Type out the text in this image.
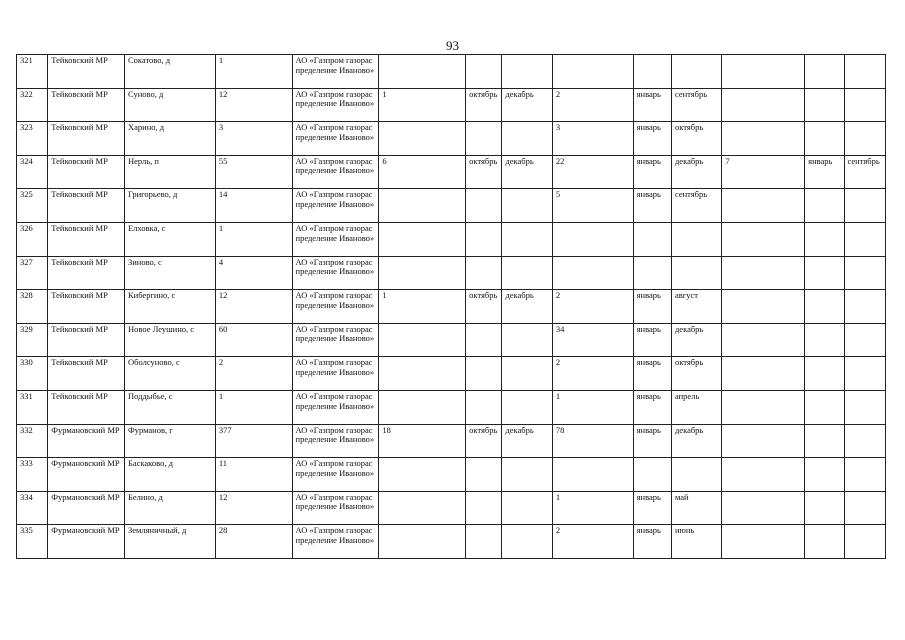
93
321	Тейковский МР	Сокатово, д	1	АО «Газпром газораспределение Иваново»									
322	Тейковский МР	Суново, д	12	АО «Газпром газораспределение Иваново»	1	октябрь	декабрь	2	январь	сентябрь			
323	Тейковский МР	Харино, д	3	АО «Газпром газораспределение Иваново»				3	январь	октябрь			
324	Тейковский МР	Нерль, п	55	АО «Газпром газораспределение Иваново»	6	октябрь	декабрь	22	январь	декабрь	7	январь	сентябрь
325	Тейковский МР	Григорьево, д	14	АО «Газпром газораспределение Иваново»				5	январь	сентябрь			
326	Тейковский МР	Елховка, с	1	АО «Газпром газораспределение Иваново»									
327	Тейковский МР	Зиново, с	4	АО «Газпром газораспределение Иваново»									
328	Тейковский МР	Кибергино, с	12	АО «Газпром газораспределение Иваново»	1	октябрь	декабрь	2	январь	август			
329	Тейковский МР	Новое Леушино, с	60	АО «Газпром газораспределение Иваново»				34	январь	декабрь			
330	Тейковский МР	Оболсуново, с	2	АО «Газпром газораспределение Иваново»				2	январь	октябрь			
331	Тейковский МР	Поддыбье, с	1	АО «Газпром газораспределение Иваново»				1	январь	апрель			
332	Фурмановский МР	Фурманов, г	377	АО «Газпром газораспределение Иваново»	18	октябрь	декабрь	78	январь	декабрь			
333	Фурмановский МР	Баскаково, д	11	АО «Газпром газораспределение Иваново»									
334	Фурмановский МР	Белино, д	12	АО «Газпром газораспределение Иваново»				1	январь	май			
335	Фурмановский МР	Земляничный, д	28	АО «Газпром газораспределение Иваново»				2	январь	июнь			
